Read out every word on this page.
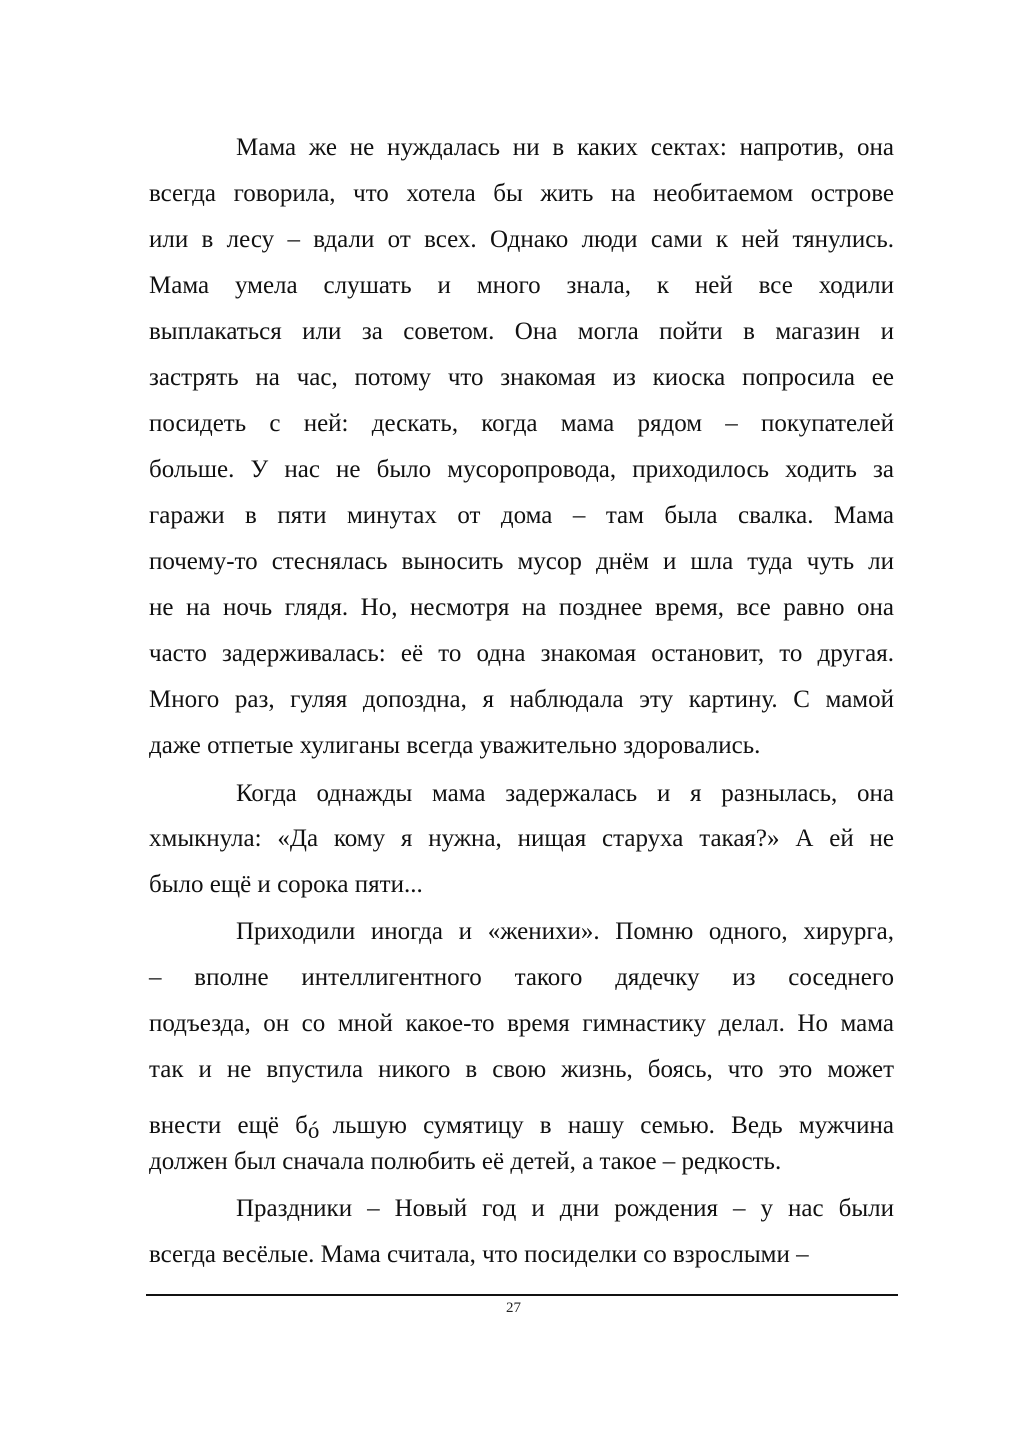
Мама же не нуждалась ни в каких сектах: напротив, она
всегда говорила, что хотела бы жить на необитаемом острове
или в лесу – вдали от всех. Однако люди сами к ней тянулись.
Мама умела слушать и много знала, к ней все ходили
выплакаться или за советом. Она могла пойти в магазин и
застрять на час, потому что знакомая из киоска попросила ее
посидеть с ней: дескать, когда мама рядом – покупателей
больше. У нас не было мусоропровода, приходилось ходить за
гаражи в пяти минутах от дома – там была свалка. Мама
почему-то стеснялась выносить мусор днём и шла туда чуть ли
не на ночь глядя. Но, несмотря на позднее время, все равно она
часто задерживалась: её то одна знакомая остановит, то другая.
Много раз, гуляя допоздна, я наблюдала эту картину. С мамой
даже отпетые хулиганы всегда уважительно здоровались.
Когда однажды мама задержалась и я разнылась, она
хмыкнула: «Да кому я нужна, нищая старуха такая?» А ей не
было ещё и сорока пяти...
Приходили иногда и «женихи». Помню одного, хирурга,
– вполне интеллигентного такого дядечку из соседнего
подъезда, он со мной какое-то время гимнастику делал. Но мама
так и не впустила никого в свою жизнь, боясь, что это может
должен был сначала полюбить её детей, а такое – редкость.
Праздники – Новый год и дни рождения – у нас были
всегда весёлые. Мама считала, что посиделки со взрослыми –
внести ещё бó льшую сумятицу в нашу семью. Ведь мужчина
27
